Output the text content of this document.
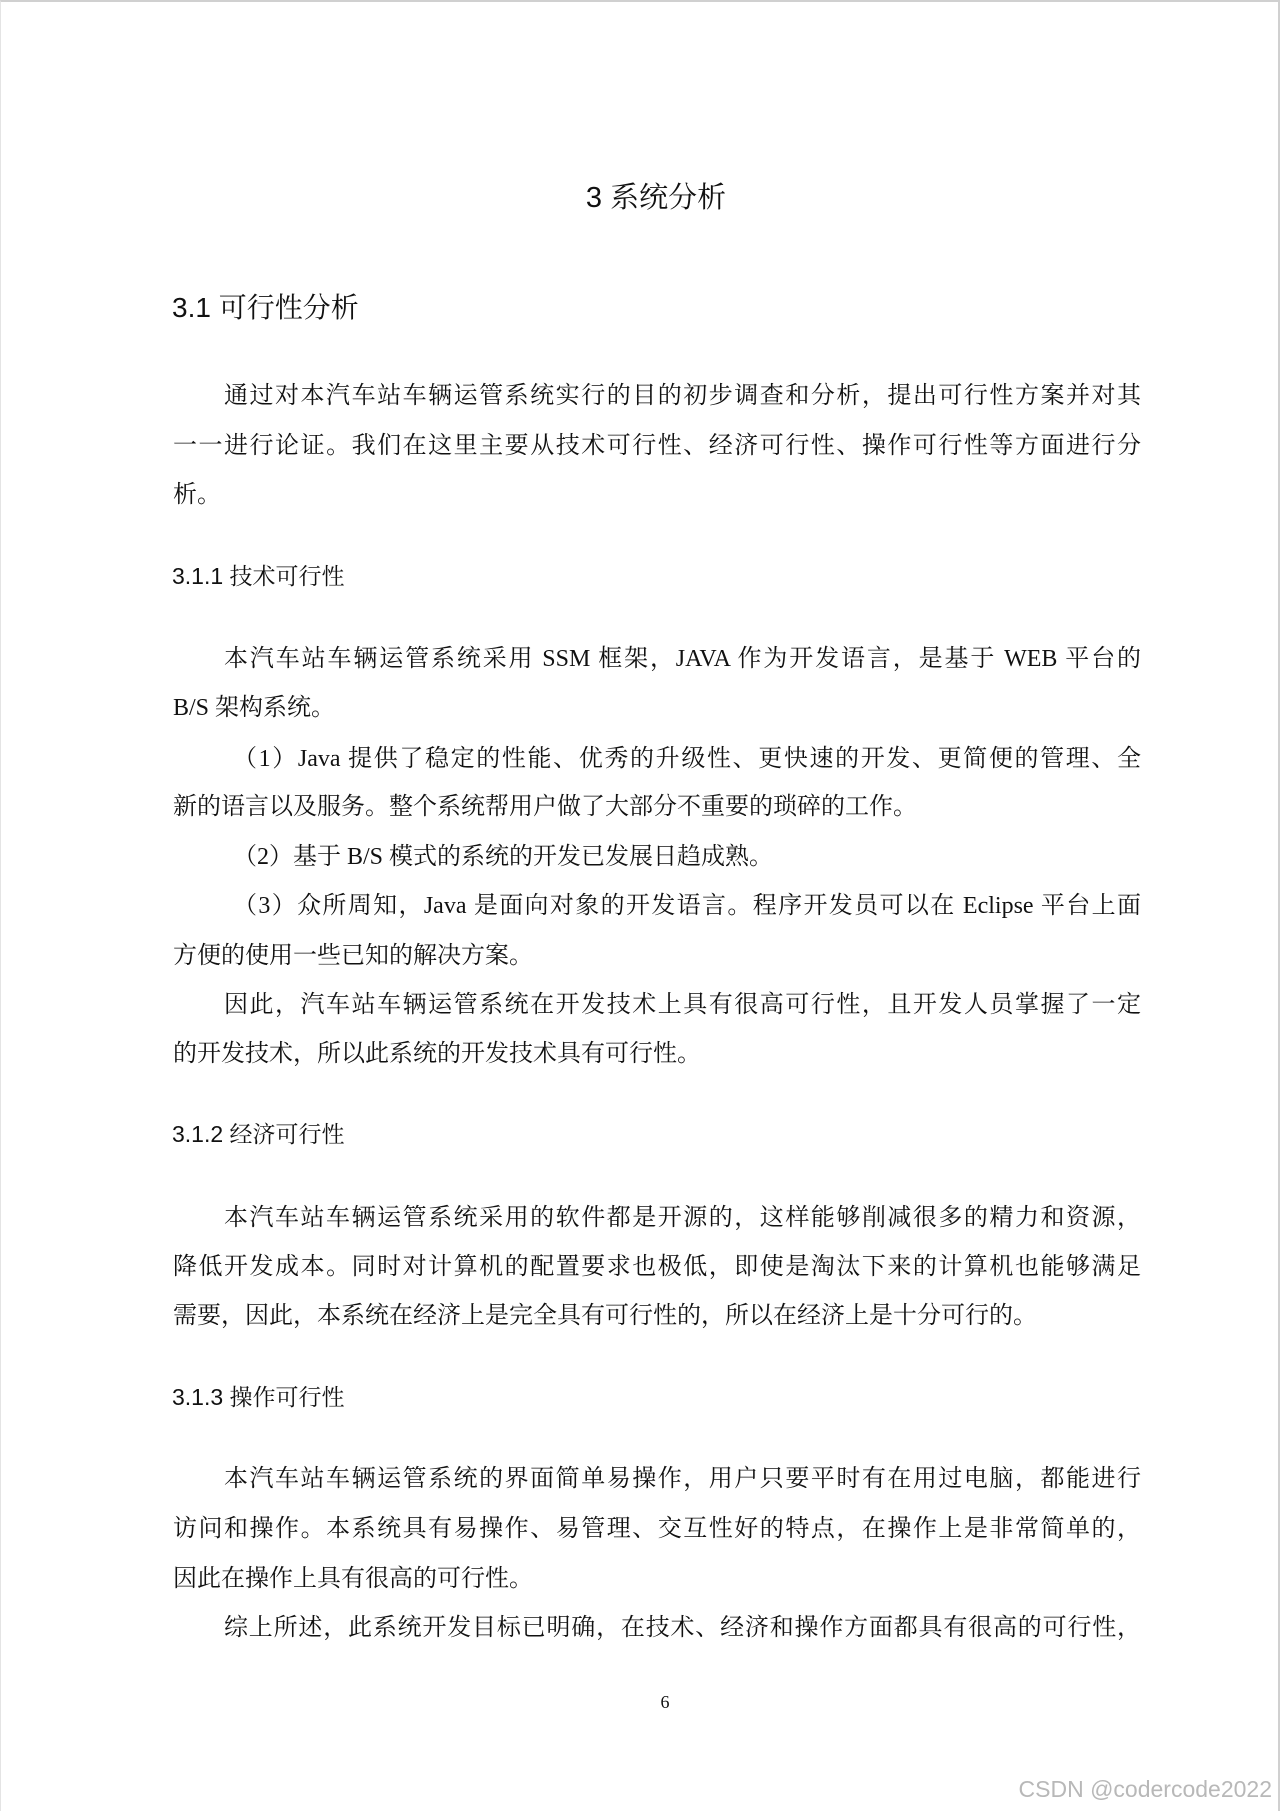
3 系统分析
3.1 可行性分析
通过对本汽车站车辆运管系统实行的目的初步调查和分析，提出可行性方案并对其
一一进行论证。我们在这里主要从技术可行性、经济可行性、操作可行性等方面进行分
析。
3.1.1 技术可行性
本汽车站车辆运管系统采用 SSM 框架，JAVA 作为开发语言，是基于 WEB 平台的
B/S 架构系统。
（1）Java 提供了稳定的性能、优秀的升级性、更快速的开发、更简便的管理、全
新的语言以及服务。整个系统帮用户做了大部分不重要的琐碎的工作。
（2）基于 B/S 模式的系统的开发已发展日趋成熟。
（3）众所周知，Java 是面向对象的开发语言。程序开发员可以在 Eclipse 平台上面
方便的使用一些已知的解决方案。
因此，汽车站车辆运管系统在开发技术上具有很高可行性，且开发人员掌握了一定
的开发技术，所以此系统的开发技术具有可行性。
3.1.2 经济可行性
本汽车站车辆运管系统采用的软件都是开源的，这样能够削减很多的精力和资源，
降低开发成本。同时对计算机的配置要求也极低，即使是淘汰下来的计算机也能够满足
需要，因此，本系统在经济上是完全具有可行性的，所以在经济上是十分可行的。
3.1.3 操作可行性
本汽车站车辆运管系统的界面简单易操作，用户只要平时有在用过电脑，都能进行
访问和操作。本系统具有易操作、易管理、交互性好的特点，在操作上是非常简单的，
因此在操作上具有很高的可行性。
综上所述，此系统开发目标已明确，在技术、经济和操作方面都具有很高的可行性，
6
CSDN @codercode2022
